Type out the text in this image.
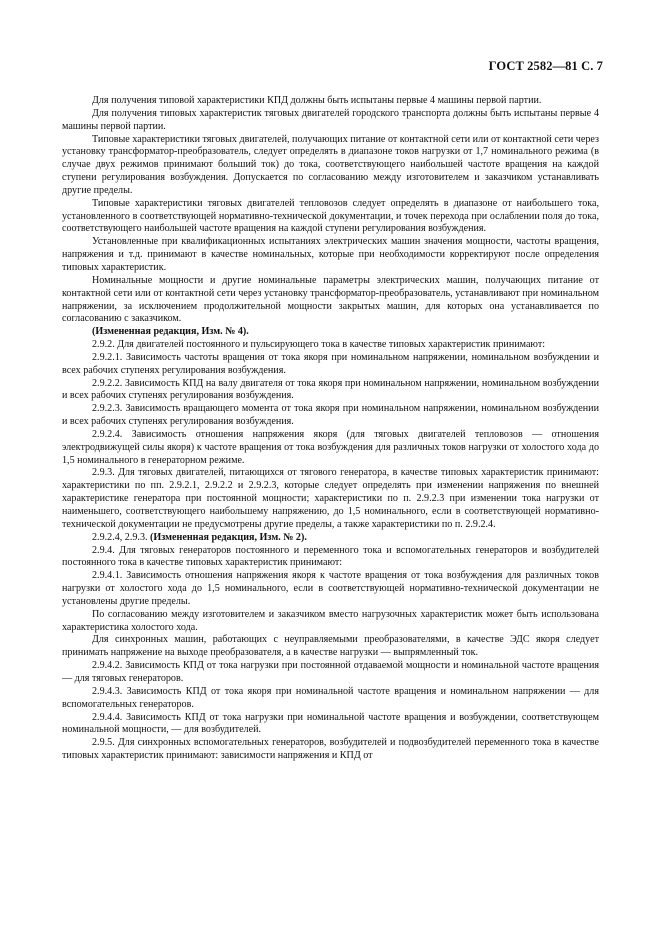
ГОСТ 2582—81 С. 7

Для получения типовой характеристики КПД должны быть испытаны первые 4 машины первой партии.

Для получения типовых характеристик тяговых двигателей городского транспорта должны быть испытаны первые 4 машины первой партии.

Типовые характеристики тяговых двигателей, получающих питание от контактной сети или от контактной сети через установку трансформатор-преобразователь, следует определять в диапазоне токов нагрузки от 1,7 номинального режима (в случае двух режимов принимают больший ток) до тока, соответствующего наибольшей частоте вращения на каждой ступени регулирования возбуждения. Допускается по согласованию между изготовителем и заказчиком устанавливать другие пределы.

Типовые характеристики тяговых двигателей тепловозов следует определять в диапазоне от наибольшего тока, установленного в соответствующей нормативно-технической документации, и точек перехода при ослаблении поля до тока, соответствующего наибольшей частоте вращения на каждой ступени регулирования возбуждения.

Установленные при квалификационных испытаниях электрических машин значения мощности, частоты вращения, напряжения и т.д. принимают в качестве номинальных, которые при необходимости корректируют после определения типовых характеристик.

Номинальные мощности и другие номинальные параметры электрических машин, получающих питание от контактной сети или от контактной сети через установку трансформатор-преобразователь, устанавливают при номинальном напряжении, за исключением продолжительной мощности закрытых машин, для которых она устанавливается по согласованию с заказчиком.

(Измененная редакция, Изм. № 4).

2.9.2. Для двигателей постоянного и пульсирующего тока в качестве типовых характеристик принимают:

2.9.2.1. Зависимость частоты вращения от тока якоря при номинальном напряжении, номинальном возбуждении и всех рабочих ступенях регулирования возбуждения.

2.9.2.2. Зависимость КПД на валу двигателя от тока якоря при номинальном напряжении, номинальном возбуждении и всех рабочих ступенях регулирования возбуждения.

2.9.2.3. Зависимость вращающего момента от тока якоря при номинальном напряжении, номинальном возбуждении и всех рабочих ступенях регулирования возбуждения.

2.9.2.4. Зависимость отношения напряжения якоря (для тяговых двигателей тепловозов — отношения электродвижущей силы якоря) к частоте вращения от тока возбуждения для различных токов нагрузки от холостого хода до 1,5 номинального в генераторном режиме.

2.9.3. Для тяговых двигателей, питающихся от тягового генератора, в качестве типовых характеристик принимают: характеристики по пп. 2.9.2.1, 2.9.2.2 и 2.9.2.3, которые следует определять при изменении напряжения по внешней характеристике генератора при постоянной мощности; характеристики по п. 2.9.2.3 при изменении тока нагрузки от наименьшего, соответствующего наибольшему напряжению, до 1,5 номинального, если в соответствующей нормативно-технической документации не предусмотрены другие пределы, а также характеристики по п. 2.9.2.4.

2.9.2.4, 2.9.3. (Измененная редакция, Изм. № 2).

2.9.4. Для тяговых генераторов постоянного и переменного тока и вспомогательных генераторов и возбудителей постоянного тока в качестве типовых характеристик принимают:

2.9.4.1. Зависимость отношения напряжения якоря к частоте вращения от тока возбуждения для различных токов нагрузки от холостого хода до 1,5 номинального, если в соответствующей нормативно-технической документации не установлены другие пределы.

По согласованию между изготовителем и заказчиком вместо нагрузочных характеристик может быть использована характеристика холостого хода.

Для синхронных машин, работающих с неуправляемыми преобразователями, в качестве ЭДС якоря следует принимать напряжение на выходе преобразователя, а в качестве нагрузки — выпрямленный ток.

2.9.4.2. Зависимость КПД от тока нагрузки при постоянной отдаваемой мощности и номинальной частоте вращения — для тяговых генераторов.

2.9.4.3. Зависимость КПД от тока якоря при номинальной частоте вращения и номинальном напряжении — для вспомогательных генераторов.

2.9.4.4. Зависимость КПД от тока нагрузки при номинальной частоте вращения и возбуждении, соответствующем номинальной мощности, — для возбудителей.

2.9.5. Для синхронных вспомогательных генераторов, возбудителей и подвозбудителей переменного тока в качестве типовых характеристик принимают: зависимости напряжения и КПД от
